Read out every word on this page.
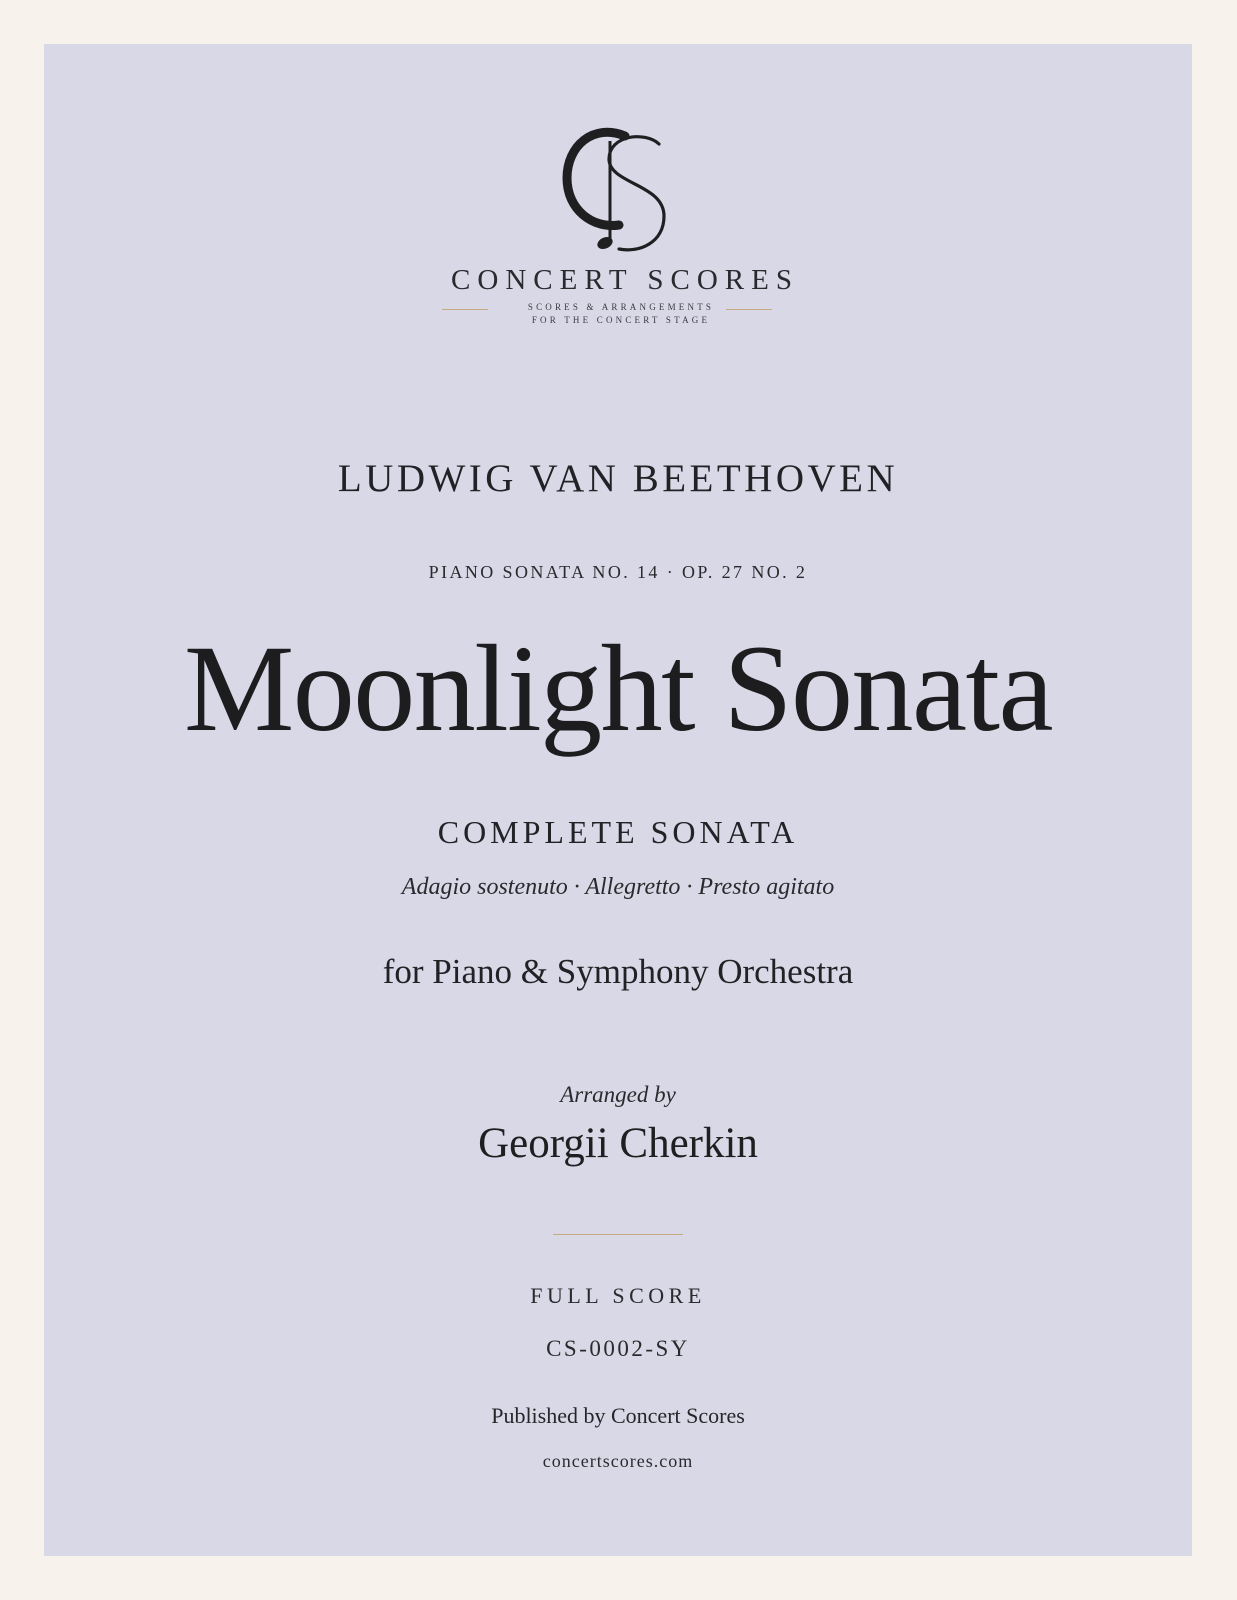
CONCERT SCORES
SCORES & ARRANGEMENTS
FOR THE CONCERT STAGE
LUDWIG VAN BEETHOVEN
PIANO SONATA NO. 14 · OP. 27 NO. 2
Moonlight Sonata
COMPLETE SONATA
Adagio sostenuto · Allegretto · Presto agitato
for Piano & Symphony Orchestra
Arranged by
Georgii Cherkin
FULL SCORE
CS-0002-SY
Published by Concert Scores
concertscores.com
